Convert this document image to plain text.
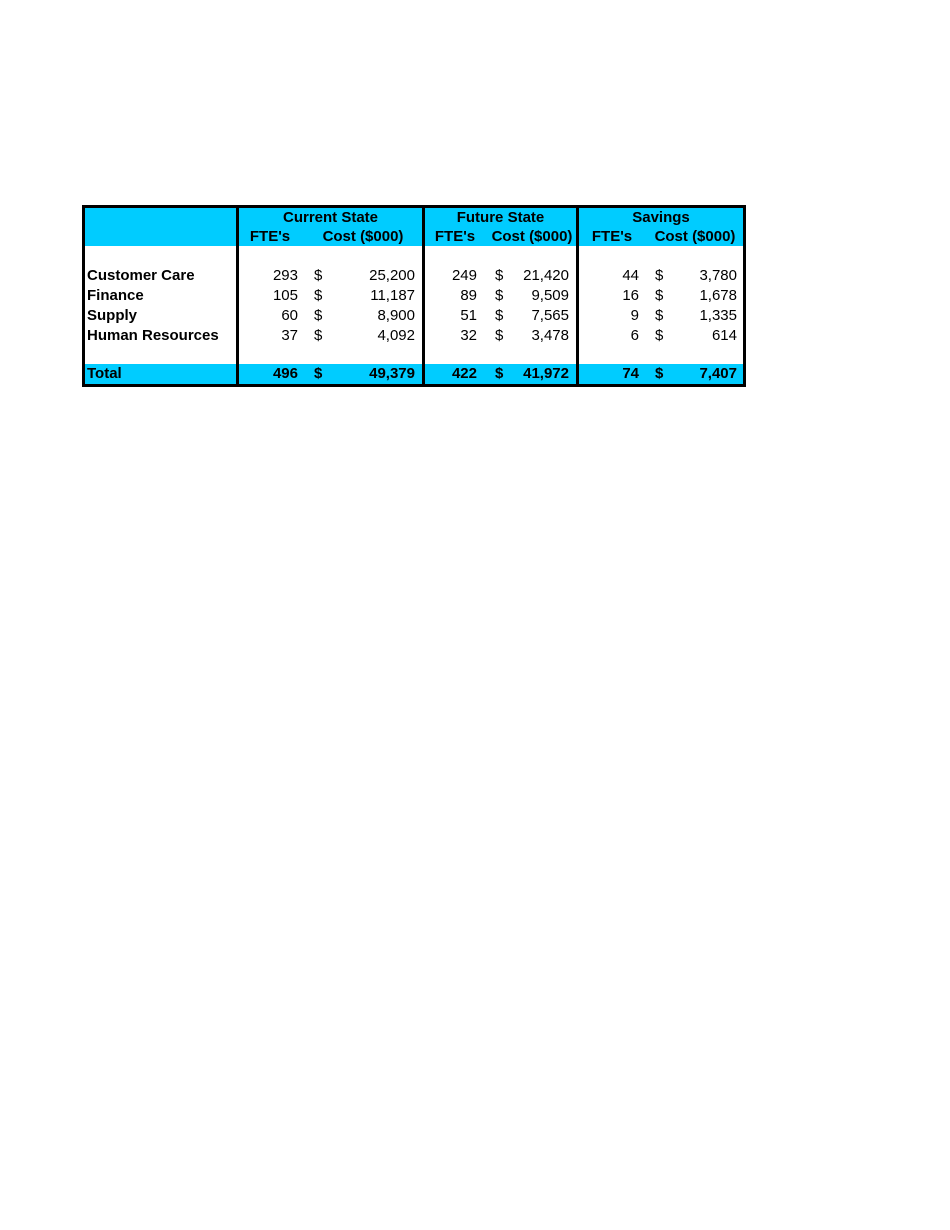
Current State	Future State	Savings
FTE's	Cost ($000)	FTE's	Cost ($000)	FTE's	Cost ($000)
Customer Care	293 $	25,200	249 $	21,420	44 $	3,780
Finance	105 $	11,187	89 $	9,509	16 $	1,678
Supply	60 $	8,900	51 $	7,565	9 $	1,335
Human Resources	37 $	4,092	32 $	3,478	6 $	614
Total	496 $	49,379	422 $	41,972	74 $	7,407
